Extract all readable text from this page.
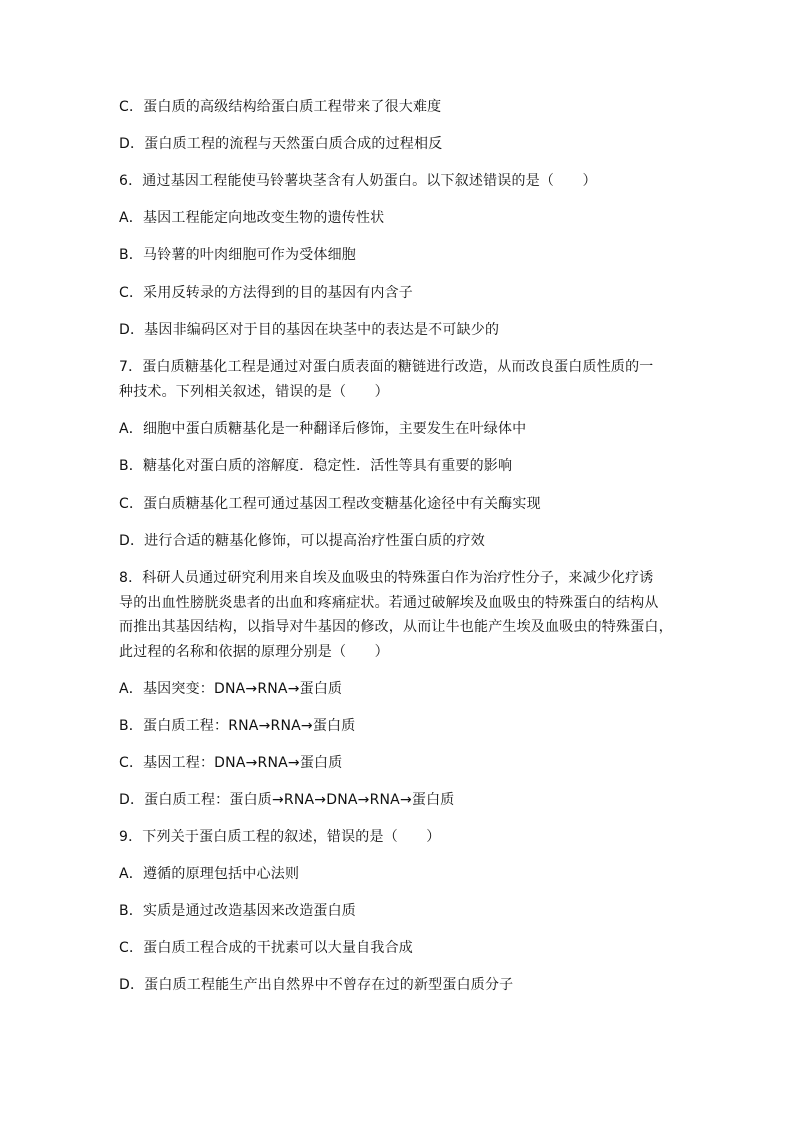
C．蛋白质的高级结构给蛋白质工程带来了很大难度
D．蛋白质工程的流程与天然蛋白质合成的过程相反
6．通过基因工程能使马铃薯块茎含有人奶蛋白。以下叙述错误的是（　　）
A．基因工程能定向地改变生物的遗传性状
B．马铃薯的叶肉细胞可作为受体细胞
C．采用反转录的方法得到的目的基因有内含子
D．基因非编码区对于目的基因在块茎中的表达是不可缺少的
7．蛋白质糖基化工程是通过对蛋白质表面的糖链进行改造，从而改良蛋白质性质的一
种技术。下列相关叙述，错误的是（　　）
A．细胞中蛋白质糖基化是一种翻译后修饰，主要发生在叶绿体中
B．糖基化对蛋白质的溶解度．稳定性．活性等具有重要的影响
C．蛋白质糖基化工程可通过基因工程改变糖基化途径中有关酶实现
D．进行合适的糖基化修饰，可以提高治疗性蛋白质的疗效
8．科研人员通过研究利用来自埃及血吸虫的特殊蛋白作为治疗性分子，来减少化疗诱
导的出血性膀胱炎患者的出血和疼痛症状。若通过破解埃及血吸虫的特殊蛋白的结构从
而推出其基因结构，以指导对牛基因的修改，从而让牛也能产生埃及血吸虫的特殊蛋白，
此过程的名称和依据的原理分别是（　　）
A．基因突变：DNA→RNA→蛋白质
B．蛋白质工程：RNA→RNA→蛋白质
C．基因工程：DNA→RNA→蛋白质
D．蛋白质工程：蛋白质→RNA→DNA→RNA→蛋白质
9．下列关于蛋白质工程的叙述，错误的是（　　）
A．遵循的原理包括中心法则
B．实质是通过改造基因来改造蛋白质
C．蛋白质工程合成的干扰素可以大量自我合成
D．蛋白质工程能生产出自然界中不曾存在过的新型蛋白质分子
